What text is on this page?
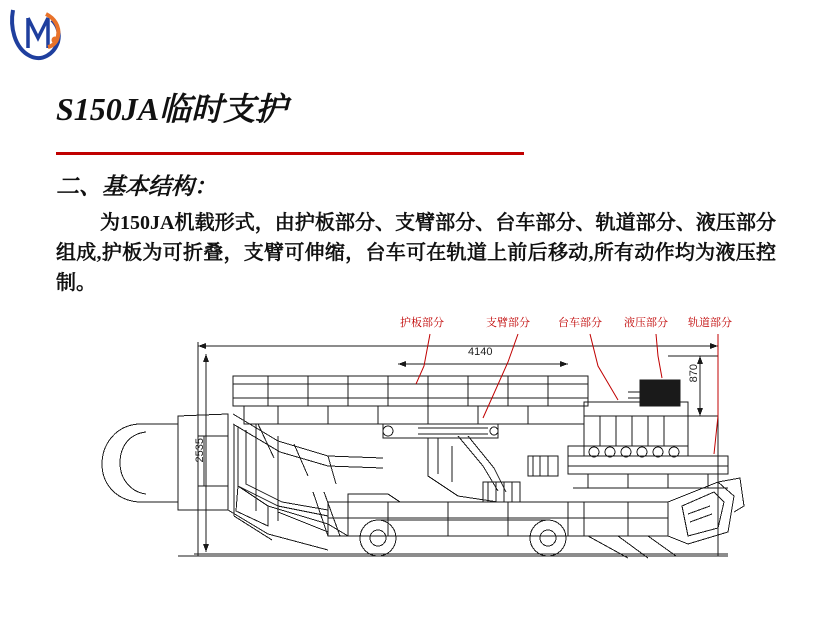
S150JA临时支护
二、基本结构：
为150JA机载形式，由护板部分、支臂部分、台车部分、轨道部分、液压部分组成,护板为可折叠，支臂可伸缩，台车可在轨道上前后移动,所有动作均为液压控制。
护板部分	支臂部分	台车部分 液压部分 轨道部分
4140
870
2535
